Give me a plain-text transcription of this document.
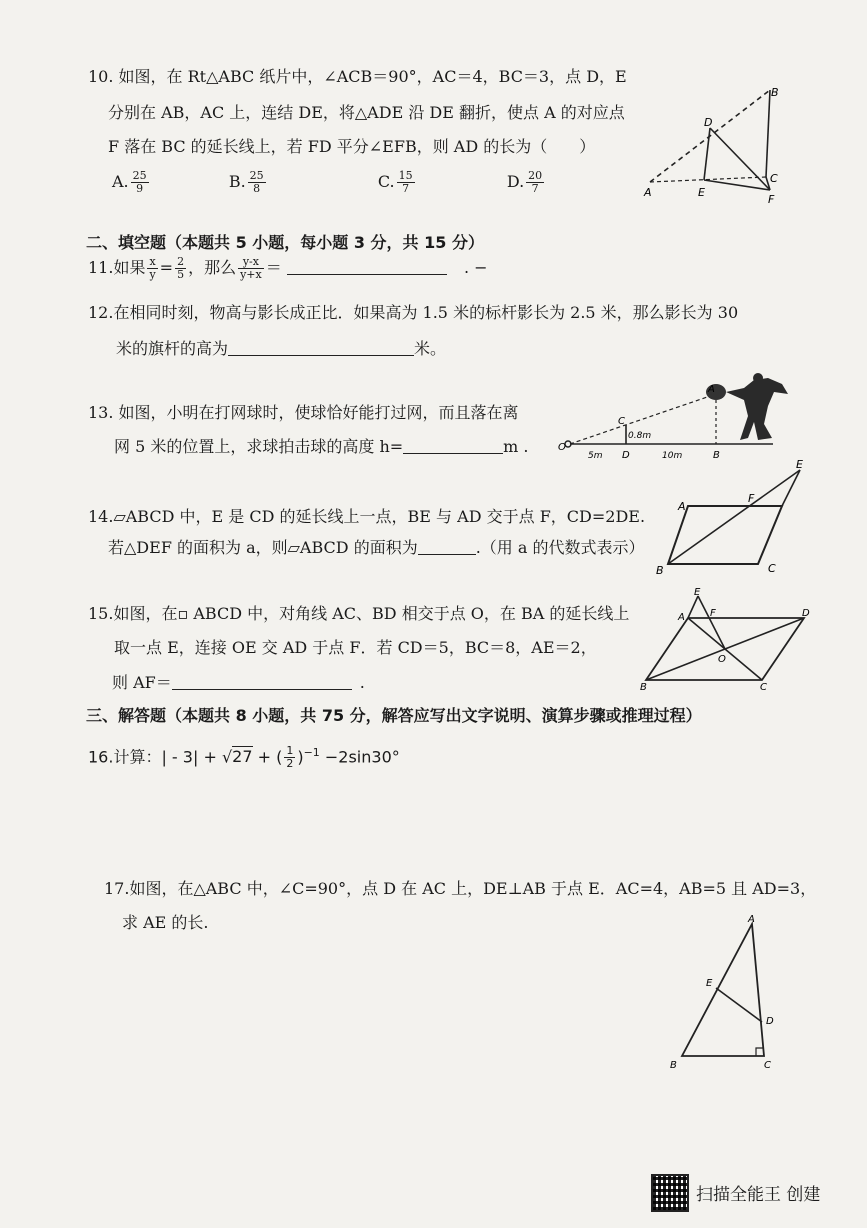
10. 如图，在 Rt△ABC 纸片中，∠ACB＝90°，AC＝4，BC＝3，点 D，E
分别在 AB，AC 上，连结 DE，将△ADE 沿 DE 翻折，使点 A 的对应点
F 落在 BC 的延长线上，若 FD 平分∠EFB，则 AD 的长为（　　）
A. $\frac{25}{9}$	B. $\frac{25}{8}$	C. $\frac{15}{7}$	D. $\frac{20}{7}$
B
D
C
A	E
F
二、填空题（本题共 5 小题，每小题 3 分，共 15 分）
11.如果 $\frac{x}{y} = \frac{2}{5}$ ，那么 $\frac{y-x}{y+x}$ ＝	. −
12.在相同时刻，物高与影长成正比．如果高为 1.5 米的标杆影长为 2.5 米，那么影长为 30
米的旗杆的高为	米。
13. 如图，小明在打网球时，使球恰好能打过网，而且落在离
网 5 米的位置上，求球拍击球的高度 h=	m .	O
C
0.8m
A
5m D	10m	B
14.▱ABCD 中，E 是 CD 的延长线上一点，BE 与 AD 交于点 F，CD=2DE.
若△DEF 的面积为 a，则▱ABCD 的面积为	.（用 a 的代数式表示）
A
F
E
B	C
15.如图，在▫ ABCD 中，对角线 AC、BD 相交于点 O，在 BA 的延长线上
取一点 E，连接 OE 交 AD 于点 F．若 CD＝5，BC＝8，AE＝2，
则 AF＝	.
E
A	F	D
O
B	C
三、解答题（本题共 8 小题，共 75 分，解答应写出文字说明、演算步骤或推理过程）
16.计算：| - 3| + √27 + ( $\frac{1}{2} )^{-1} -2\sin 30^\circ$
17.如图，在△ABC 中，∠C=90°，点 D 在 AC 上，DE⊥AB 于点 E．AC=4，AB=5 且 AD=3，
求 AE 的长.	A
E
D
B	C
扫描全能王 创建
